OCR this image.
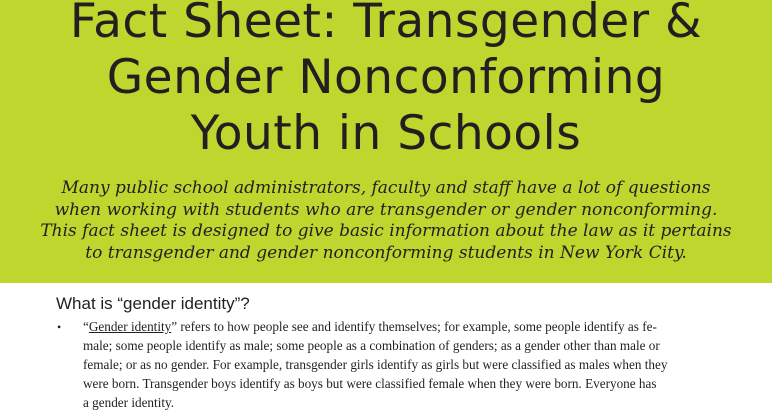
Fact Sheet: Transgender &
Gender Nonconforming
Youth in Schools
Many public school administrators, faculty and staff have a lot of questions
when working with students who are transgender or gender nonconforming.
This fact sheet is designed to give basic information about the law as it pertains
to transgender and gender nonconforming students in New York City.
What is “gender identity”?
• “Gender identity” refers to how people see and identify themselves; for example, some people identify as fe-
male; some people identify as male; some people as a combination of genders; as a gender other than male or
female; or as no gender. For example, transgender girls identify as girls but were classified as males when they
were born. Transgender boys identify as boys but were classified female when they were born. Everyone has
a gender identity.
